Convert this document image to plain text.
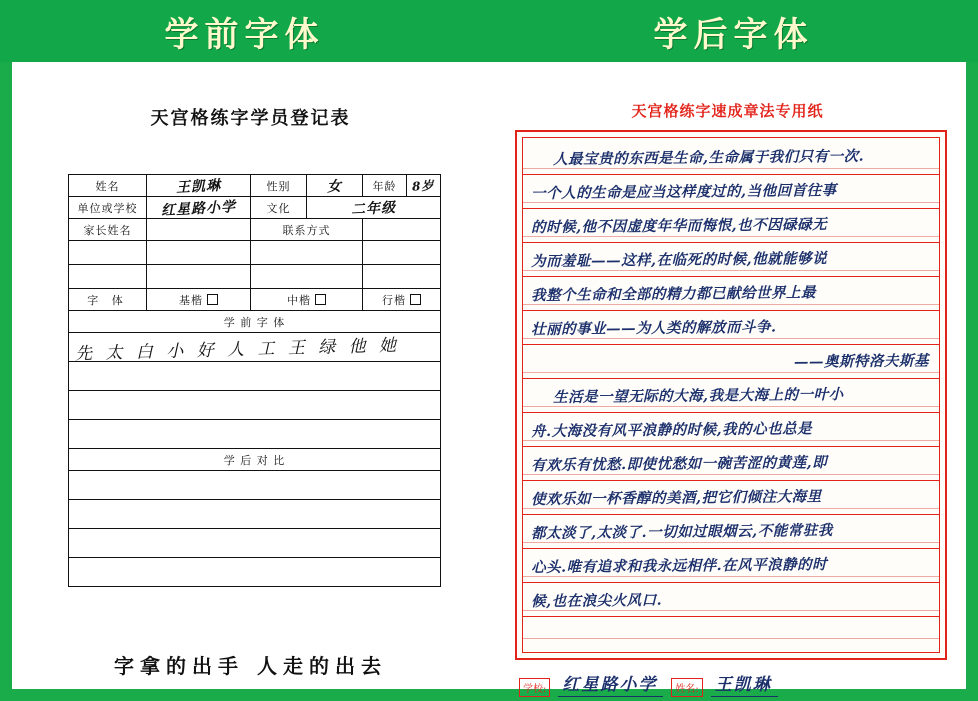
学前字体	学后字体
天宫格练字学员登记表
姓名	王凯琳	性别	女	年龄	8岁
单位或学校	红星路小学	文化	二年级		
家长姓名		联系方式			

字 体	基楷	中楷		行楷	
学 前 字 体					

先 太 白 小 好 人 工 王 绿 他 她					

学 后 对 比					

字拿的出手 人走的出去
天宫格练字速成章法专用纸
人最宝贵的东西是生命,生命属于我们只有一次.
一个人的生命是应当这样度过的,当他回首往事
的时候,他不因虚度年华而悔恨,也不因碌碌无
为而羞耻——这样,在临死的时候,他就能够说
我整个生命和全部的精力都已献给世界上最
壮丽的事业——为人类的解放而斗争.
——奥斯特洛夫斯基
生活是一望无际的大海,我是大海上的一叶小
舟.大海没有风平浪静的时候,我的心也总是
有欢乐有忧愁.即使忧愁如一碗苦涩的黄莲,即
使欢乐如一杯香醇的美酒,把它们倾注大海里
都太淡了,太淡了.一切如过眼烟云,不能常驻我
心头.唯有追求和我永远相伴.在风平浪静的时
候,也在浪尖火风口.
学校: 红星路小学	姓名: 王凯琳
